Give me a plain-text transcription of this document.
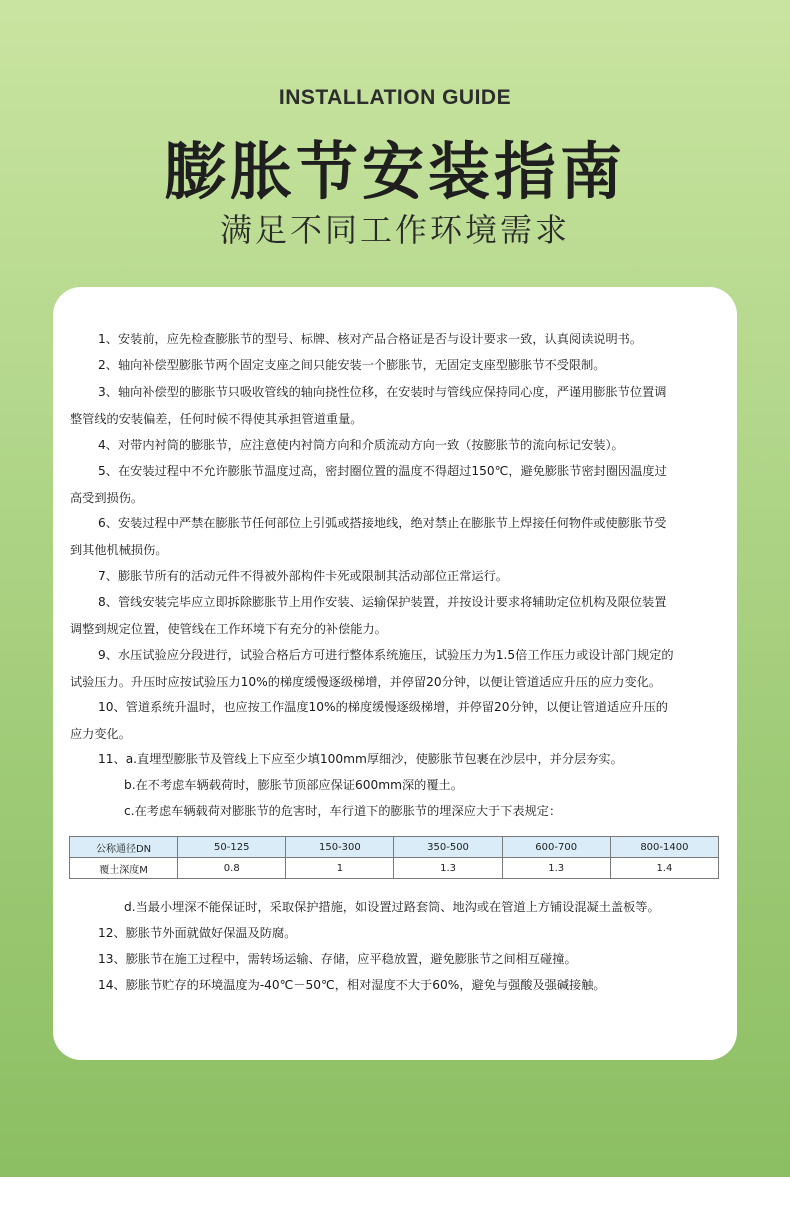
INSTALLATION GUIDE
膨胀节安装指南
满足不同工作环境需求
1、安装前，应先检查膨胀节的型号、标牌、核对产品合格证是否与设计要求一致，认真阅读说明书。
2、轴向补偿型膨胀节两个固定支座之间只能安装一个膨胀节，无固定支座型膨胀节不受限制。
3、轴向补偿型的膨胀节只吸收管线的轴向挠性位移，在安装时与管线应保持同心度，严谨用膨胀节位置调
整管线的安装偏差，任何时候不得使其承担管道重量。
4、对带内衬筒的膨胀节，应注意使内衬筒方向和介质流动方向一致（按膨胀节的流向标记安装）。
5、在安装过程中不允许膨胀节温度过高，密封圈位置的温度不得超过150℃，避免膨胀节密封圈因温度过
高受到损伤。
6、安装过程中严禁在膨胀节任何部位上引弧或搭接地线，绝对禁止在膨胀节上焊接任何物件或使膨胀节受
到其他机械损伤。
7、膨胀节所有的活动元件不得被外部构件卡死或限制其活动部位正常运行。
8、管线安装完毕应立即拆除膨胀节上用作安装、运输保护装置，并按设计要求将辅助定位机构及限位装置
调整到规定位置，使管线在工作环境下有充分的补偿能力。
9、水压试验应分段进行，试验合格后方可进行整体系统施压，试验压力为1.5倍工作压力或设计部门规定的
试验压力。升压时应按试验压力10%的梯度缓慢逐级梯增，并停留20分钟，以便让管道适应升压的应力变化。
10、管道系统升温时，也应按工作温度10%的梯度缓慢逐级梯增，并停留20分钟，以便让管道适应升压的
应力变化。
11、a.直埋型膨胀节及管线上下应至少填100mm厚细沙，使膨胀节包裹在沙层中，并分层夯实。
b.在不考虑车辆载荷时，膨胀节顶部应保证600mm深的覆土。
c.在考虑车辆载荷对膨胀节的危害时，车行道下的膨胀节的埋深应大于下表规定：
公称通径DN	50-125	150-300	350-500	600-700	800-1400
覆土深度M	0.8	1	1.3	1.3	1.4
d.当最小埋深不能保证时，采取保护措施，如设置过路套筒、地沟或在管道上方铺设混凝土盖板等。
12、膨胀节外面就做好保温及防腐。
13、膨胀节在施工过程中，需转场运输、存储，应平稳放置，避免膨胀节之间相互碰撞。
14、膨胀节贮存的环境温度为-40℃－50℃，相对湿度不大于60%，避免与强酸及强碱接触。
